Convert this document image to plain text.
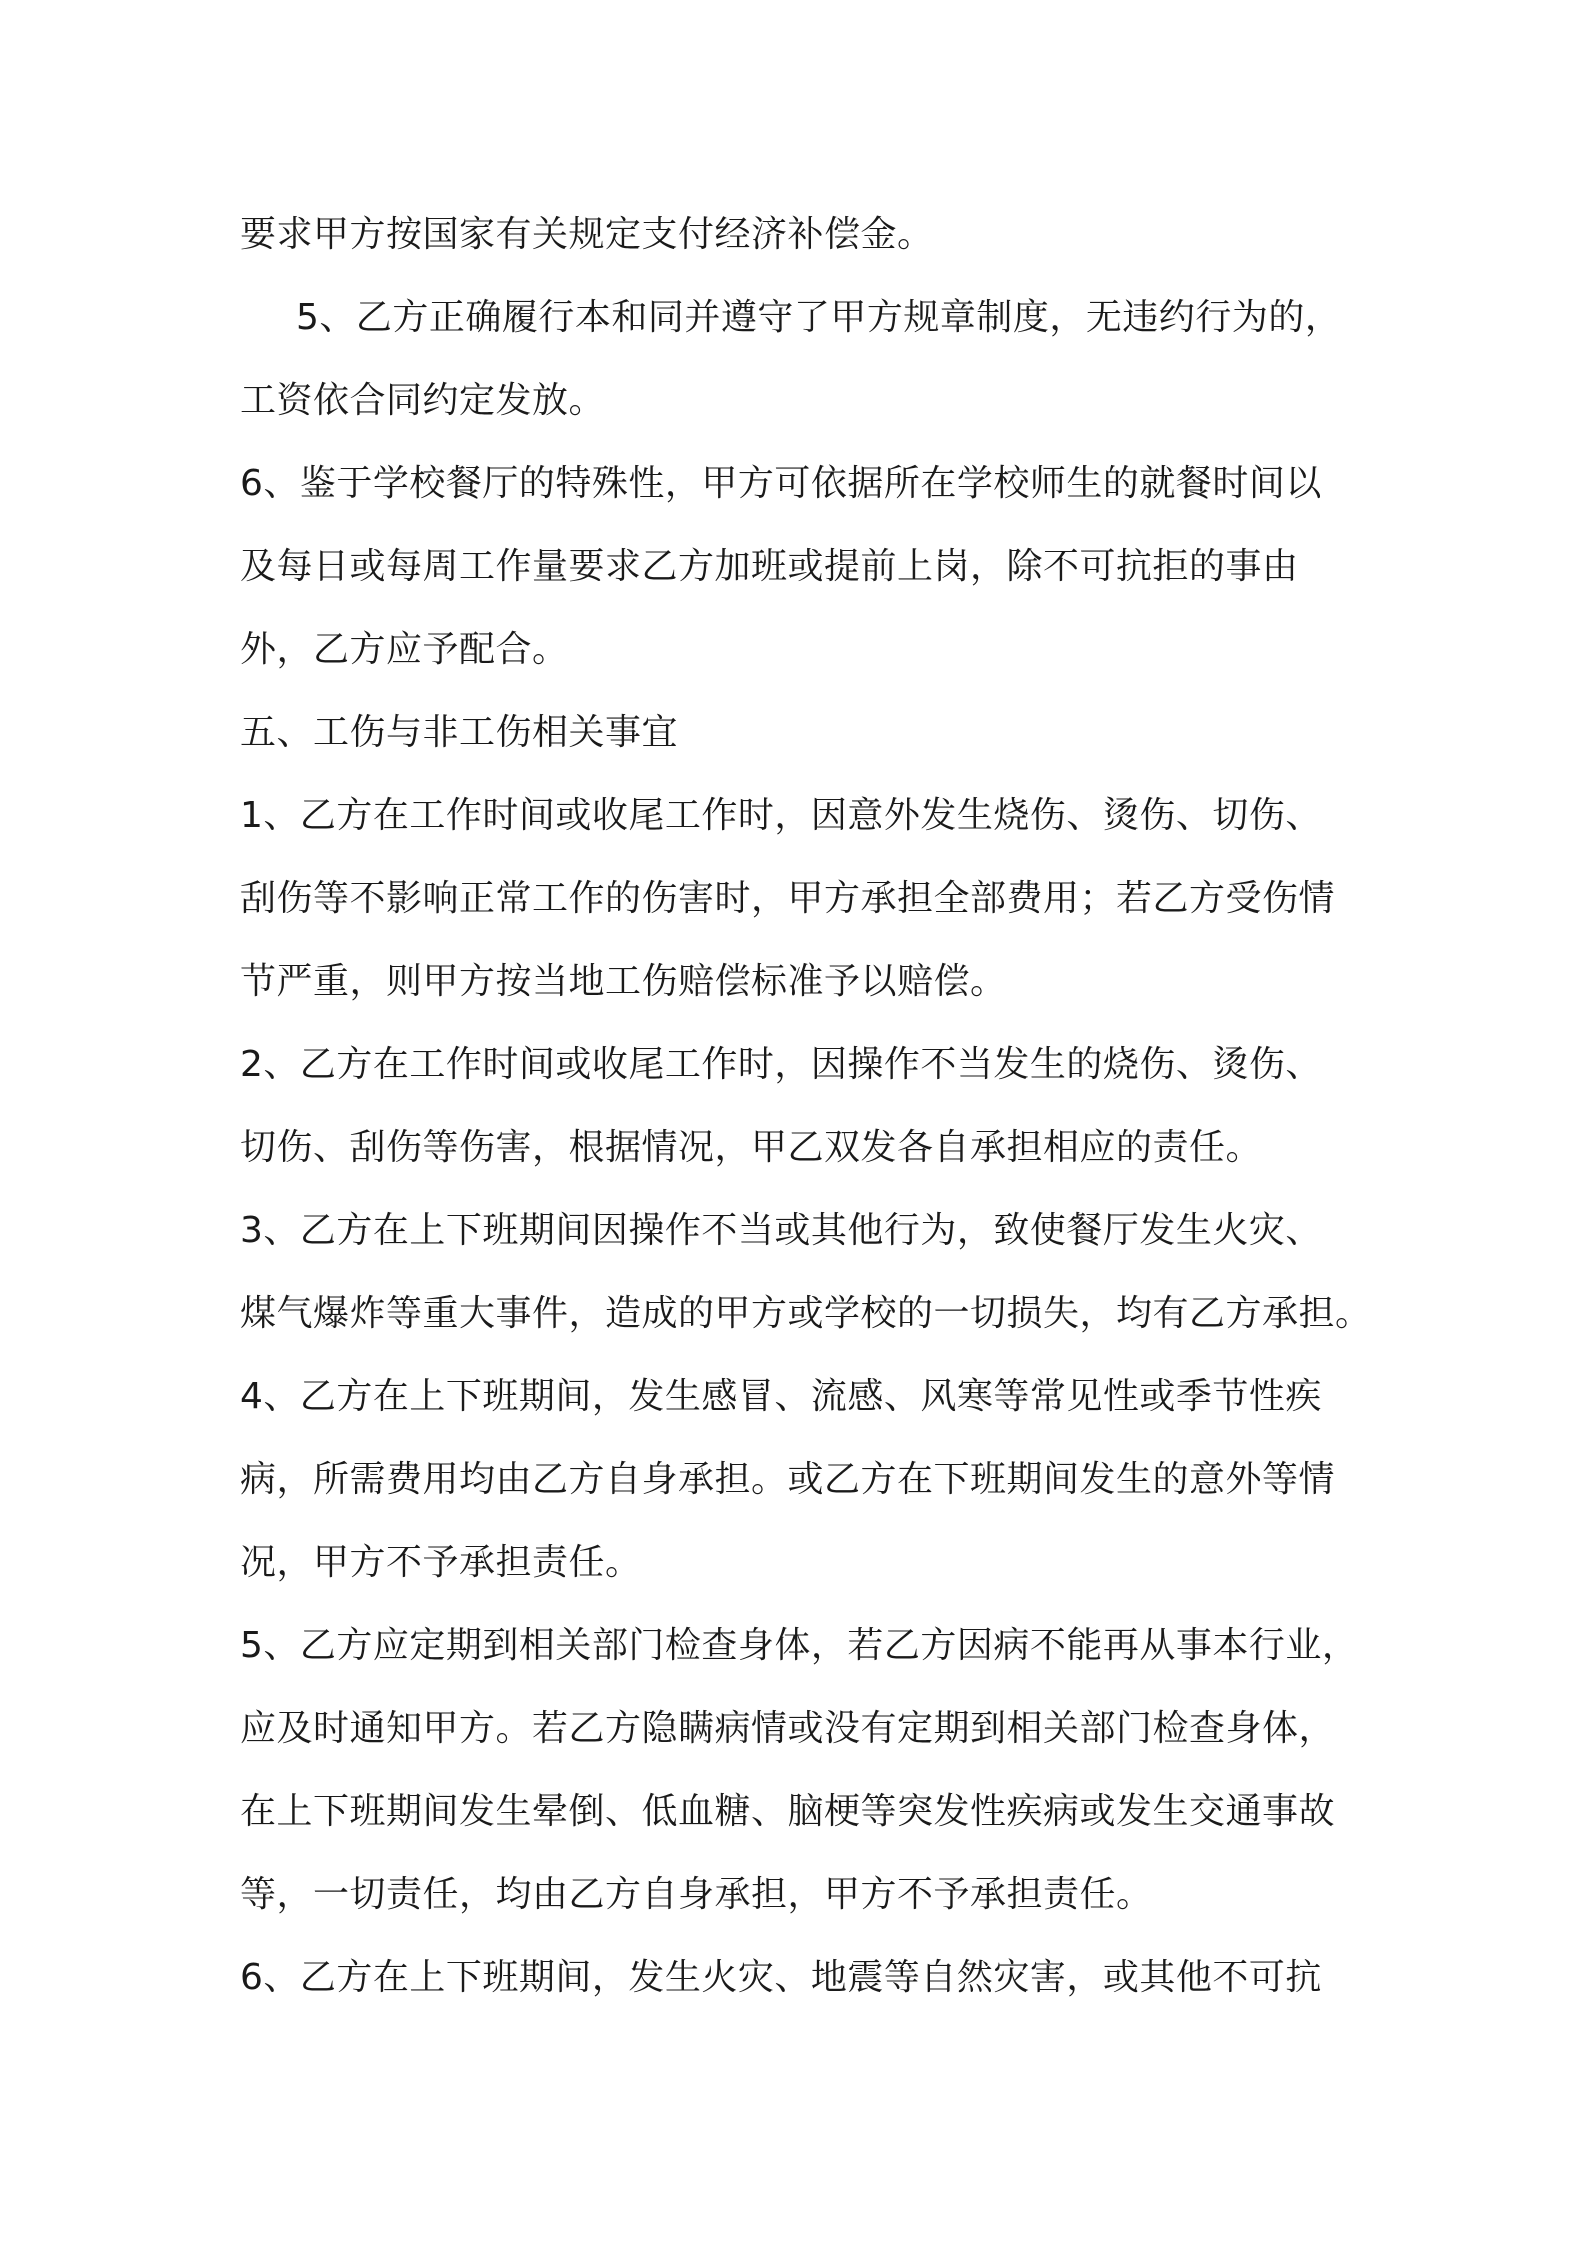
要求甲方按国家有关规定支付经济补偿金。
5、乙方正确履行本和同并遵守了甲方规章制度，无违约行为的，
工资依合同约定发放。
6、鉴于学校餐厅的特殊性，甲方可依据所在学校师生的就餐时间以
及每日或每周工作量要求乙方加班或提前上岗，除不可抗拒的事由
外，乙方应予配合。
五、工伤与非工伤相关事宜
1、乙方在工作时间或收尾工作时，因意外发生烧伤、烫伤、切伤、
刮伤等不影响正常工作的伤害时，甲方承担全部费用；若乙方受伤情
节严重，则甲方按当地工伤赔偿标准予以赔偿。
2、乙方在工作时间或收尾工作时，因操作不当发生的烧伤、烫伤、
切伤、刮伤等伤害，根据情况，甲乙双发各自承担相应的责任。
3、乙方在上下班期间因操作不当或其他行为，致使餐厅发生火灾、
煤气爆炸等重大事件，造成的甲方或学校的一切损失，均有乙方承担。
4、乙方在上下班期间，发生感冒、流感、风寒等常见性或季节性疾
病，所需费用均由乙方自身承担。或乙方在下班期间发生的意外等情
况，甲方不予承担责任。
5、乙方应定期到相关部门检查身体，若乙方因病不能再从事本行业，
应及时通知甲方。若乙方隐瞒病情或没有定期到相关部门检查身体，
在上下班期间发生晕倒、低血糖、脑梗等突发性疾病或发生交通事故
等，一切责任，均由乙方自身承担，甲方不予承担责任。
6、乙方在上下班期间，发生火灾、地震等自然灾害，或其他不可抗
